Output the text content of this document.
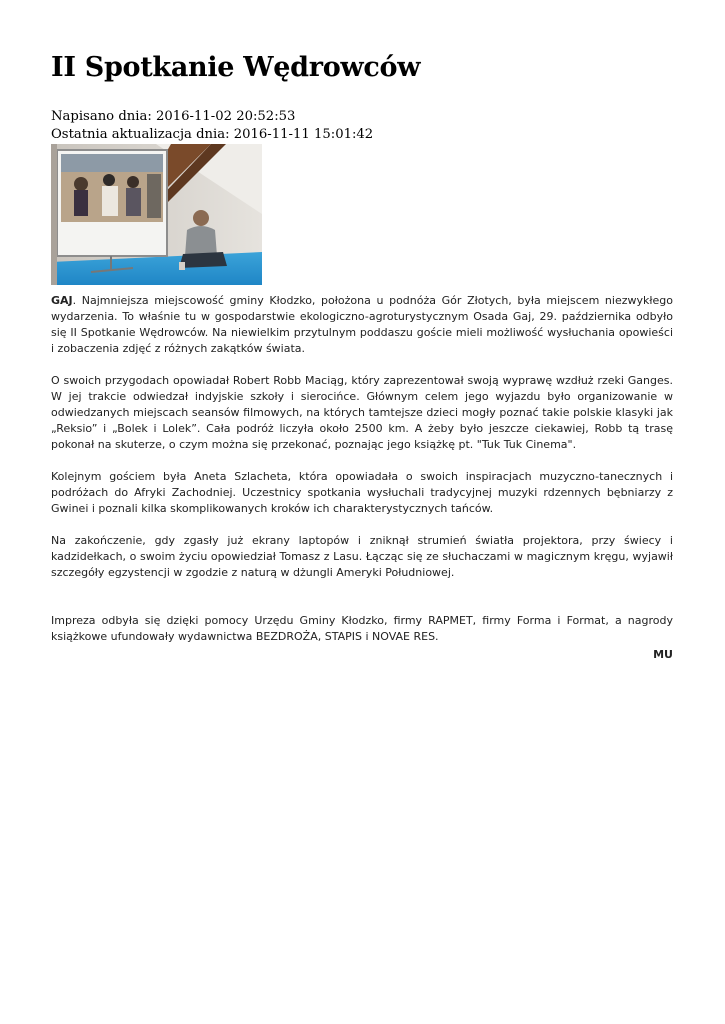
II Spotkanie Wędrowców

Napisano dnia: 2016-11-02 20:52:53

Ostatnia aktualizacja dnia: 2016-11-11 15:01:42

GAJ. Najmniejsza miejscowość gminy Kłodzko, położona u podnóża Gór Złotych, była miejscem niezwykłego wydarzenia. To właśnie tu w gospodarstwie ekologiczno-agroturystycznym Osada Gaj, 29. października odbyło się II Spotkanie Wędrowców. Na niewielkim przytulnym poddaszu goście mieli możliwość wysłuchania opowieści i zobaczenia zdjęć z różnych zakątków świata.

O swoich przygodach opowiadał Robert Robb Maciąg, który zaprezentował swoją wyprawę wzdłuż rzeki Ganges. W jej trakcie odwiedzał indyjskie szkoły i sierocińce. Głównym celem jego wyjazdu było organizowanie w odwiedzanych miejscach seansów filmowych, na których tamtejsze dzieci mogły poznać takie polskie klasyki jak „Reksio” i „Bolek i Lolek”. Cała podróż liczyła około 2500 km. A żeby było jeszcze ciekawiej, Robb tą trasę pokonał na skuterze, o czym można się przekonać, poznając jego książkę pt. "Tuk Tuk Cinema".

Kolejnym gościem była Aneta Szlacheta, która opowiadała o swoich inspiracjach muzyczno-tanecznych i podróżach do Afryki Zachodniej. Uczestnicy spotkania wysłuchali tradycyjnej muzyki rdzennych bębniarzy z Gwinei i poznali kilka skomplikowanych kroków ich charakterystycznych tańców.

Na zakończenie, gdy zgasły już ekrany laptopów i zniknął strumień światła projektora, przy świecy i kadzidełkach, o swoim życiu opowiedział Tomasz z Lasu. Łącząc się ze słuchaczami w magicznym kręgu, wyjawił szczegóły egzystencji w zgodzie z naturą w dżungli Ameryki Południowej.

Impreza odbyła się dzięki pomocy Urzędu Gminy Kłodzko, firmy RAPMET, firmy Forma i Format, a nagrody książkowe ufundowały wydawnictwa BEZDROŻA, STAPIS i NOVAE RES.

MU
